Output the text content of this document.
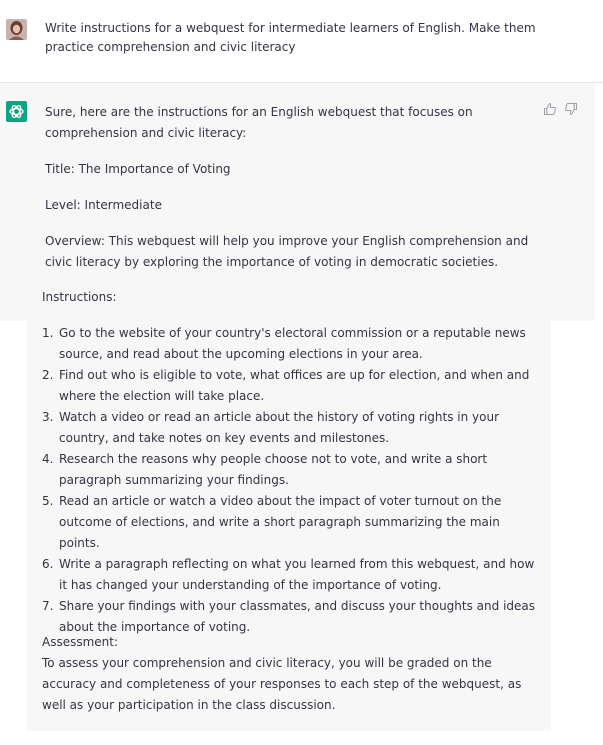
Write instructions for a webquest for intermediate learners of English. Make them practice comprehension and civic literacy

Sure, here are the instructions for an English webquest that focuses on comprehension and civic literacy:

Title: The Importance of Voting

Level: Intermediate

Overview: This webquest will help you improve your English comprehension and civic literacy by exploring the importance of voting in democratic societies.

Instructions:

1. Go to the website of your country's electoral commission or a reputable news source, and read about the upcoming elections in your area.
2. Find out who is eligible to vote, what offices are up for election, and when and where the election will take place.
3. Watch a video or read an article about the history of voting rights in your country, and take notes on key events and milestones.
4. Research the reasons why people choose not to vote, and write a short paragraph summarizing your findings.
5. Read an article or watch a video about the impact of voter turnout on the outcome of elections, and write a short paragraph summarizing the main points.
6. Write a paragraph reflecting on what you learned from this webquest, and how it has changed your understanding of the importance of voting.
7. Share your findings with your classmates, and discuss your thoughts and ideas about the importance of voting.
Assessment:
To assess your comprehension and civic literacy, you will be graded on the accuracy and completeness of your responses to each step of the webquest, as well as your participation in the class discussion.
